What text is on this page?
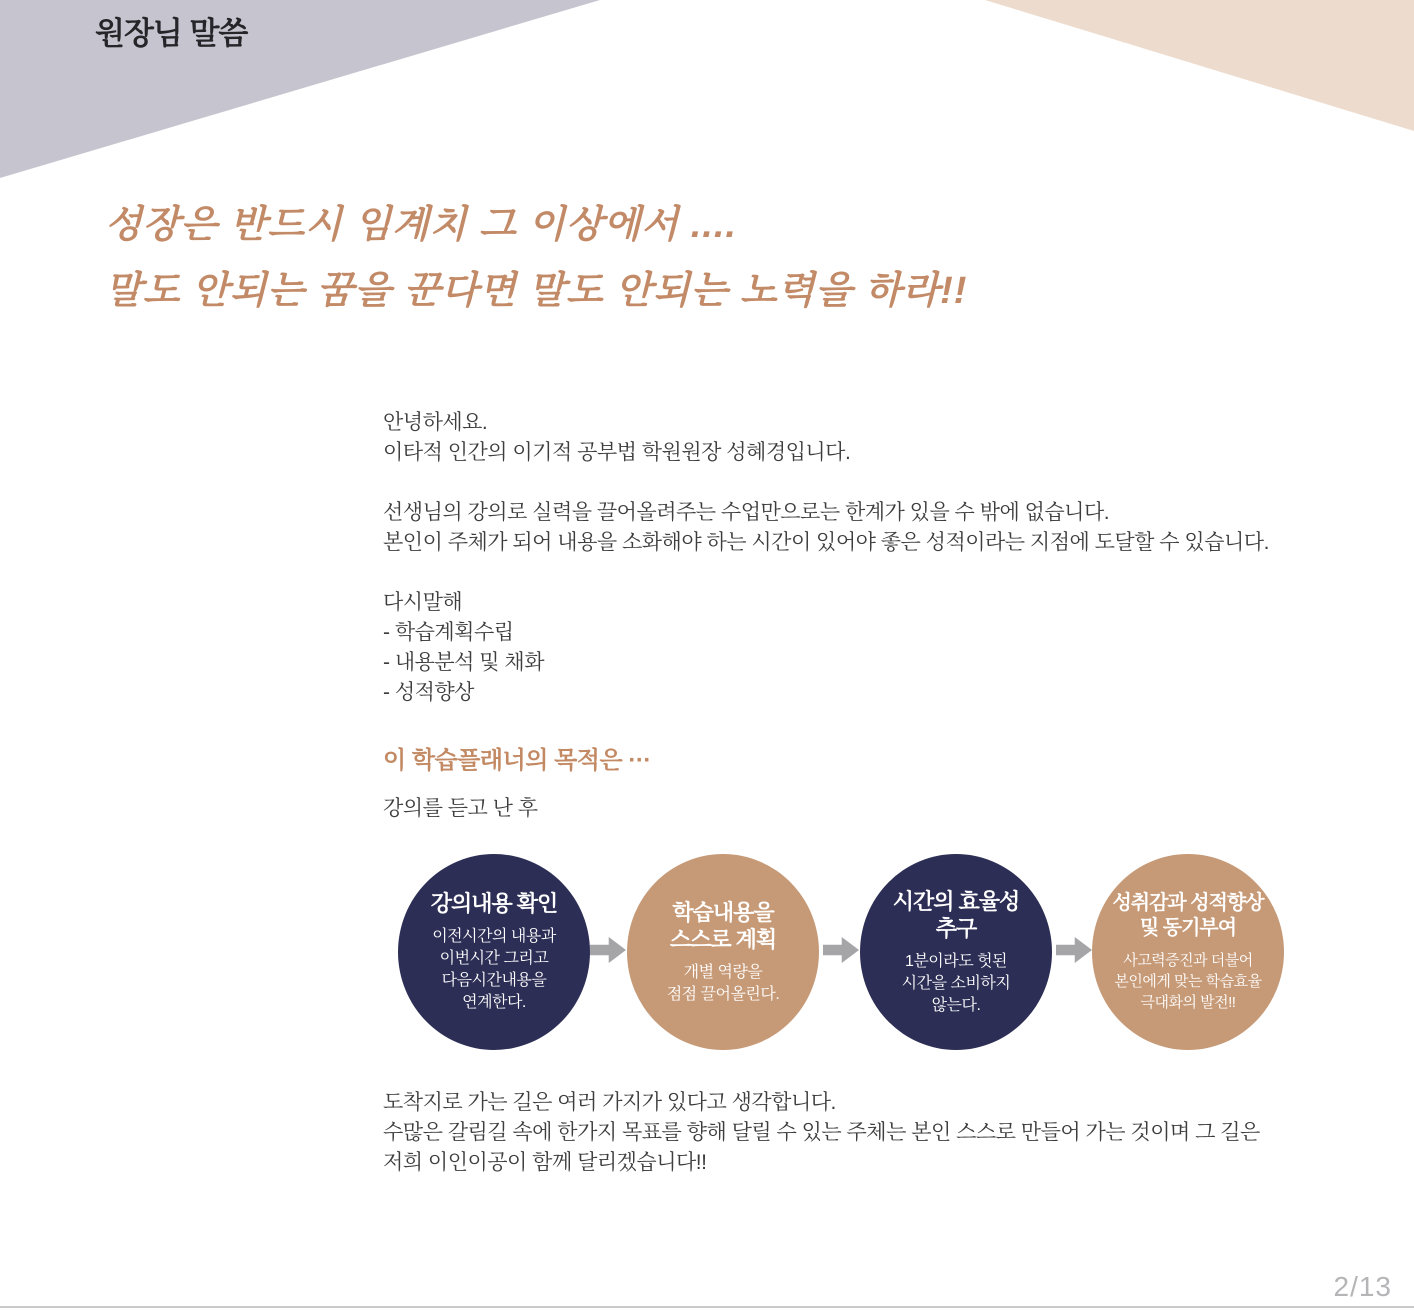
원장님 말씀
성장은 반드시 임계치 그 이상에서 ....
말도 안되는 꿈을 꾼다면 말도 안되는 노력을 하라!!
안녕하세요.
이타적 인간의 이기적 공부법 학원원장 성혜경입니다.
선생님의 강의로 실력을 끌어올려주는 수업만으로는 한계가 있을 수 밖에 없습니다.
본인이 주체가 되어 내용을 소화해야 하는 시간이 있어야 좋은 성적이라는 지점에 도달할 수 있습니다.
다시말해
- 학습계획수립
- 내용분석 및 채화
- 성적향상
이 학습플래너의 목적은 ···
강의를 듣고 난 후
강의내용 확인
이전시간의 내용과
이번시간 그리고
다음시간내용을
연계한다.
학습내용을
스스로 계획
개별 역량을
점점 끌어올린다.
시간의 효율성
추구
1분이라도 헛된
시간을 소비하지
않는다.
성취감과 성적향상
및 동기부여
사고력증진과 더불어
본인에게 맞는 학습효율
극대화의 발전!!
도착지로 가는 길은 여러 가지가 있다고 생각합니다.
수많은 갈림길 속에 한가지 목표를 향해 달릴 수 있는 주체는 본인 스스로 만들어 가는 것이며 그 길은
저희 이인이공이 함께 달리겠습니다!!
2/13
